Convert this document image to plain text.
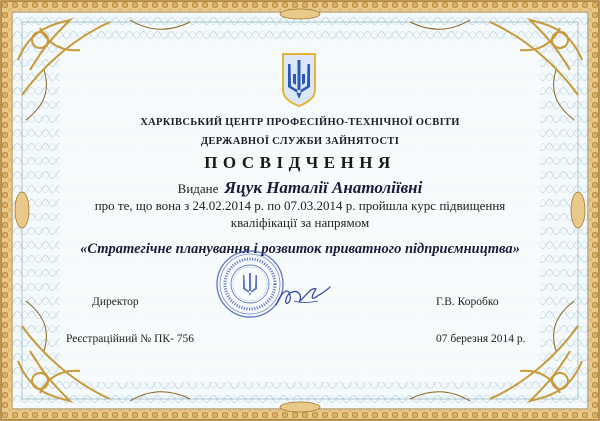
ХАРКІВСЬКИЙ ЦЕНТР ПРОФЕСІЙНО-ТЕХНІЧНОЇ ОСВІТИ
ДЕРЖАВНОЇ СЛУЖБИ ЗАЙНЯТОСТІ
ПОСВІДЧЕННЯ
Видане Яцук Наталії Анатоліївні
про те, що вона з 24.02.2014 р. по 07.03.2014 р. пройшла курс підвищення
кваліфікації за напрямом
«Стратегічне планування і розвиток приватного підприємництва»
Директор	Г.В. Коробко
Реєстраційний № ПК- 756	07 березня 2014 р.
